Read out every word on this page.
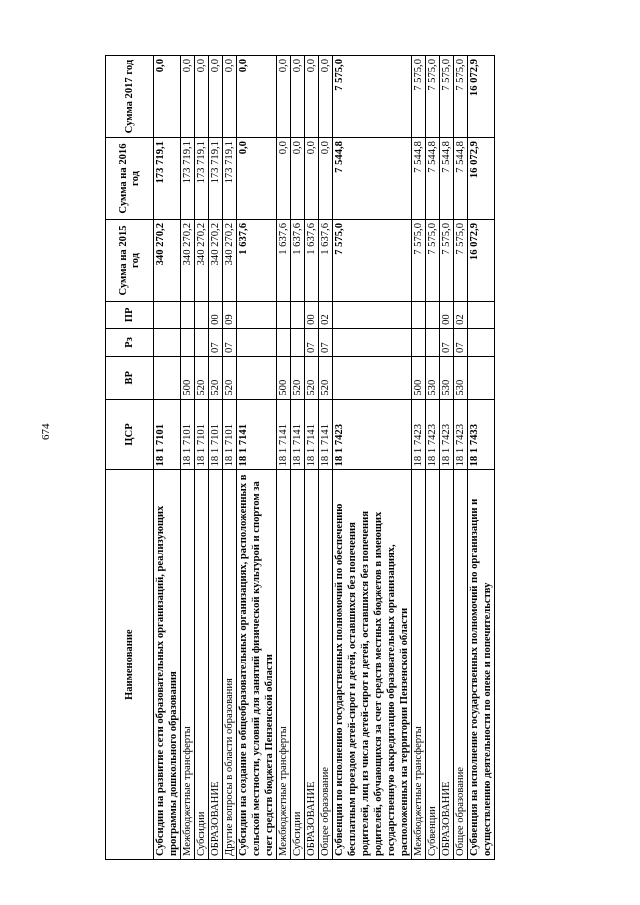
674
Наименование	ЦСР	ВР	Рз	ПР	Сумма на 2015 год	Сумма на 2016 год	Сумма 2017 год
Субсидии на развитие сети образовательных организаций, реализующих программы дошкольного образования	18 1 7101				340 270,2	173 719,1	0,0
Межбюджетные трансферты	18 1 7101	500			340 270,2	173 719,1	0,0
Субсидии	18 1 7101	520			340 270,2	173 719,1	0,0
ОБРАЗОВАНИЕ	18 1 7101	520	07	00	340 270,2	173 719,1	0,0
Другие вопросы в области образования	18 1 7101	520	07	09	340 270,2	173 719,1	0,0
Субсидии на создание в общеобразовательных организациях, расположенных в сельской местности, условий для занятий физической культурой и спортом за счет средств бюджета Пензенской области	18 1 7141				1 637,6	0,0	0,0
Межбюджетные трансферты	18 1 7141	500			1 637,6	0,0	0,0
Субсидии	18 1 7141	520			1 637,6	0,0	0,0
ОБРАЗОВАНИЕ	18 1 7141	520	07	00	1 637,6	0,0	0,0
Общее образование	18 1 7141	520	07	02	1 637,6	0,0	0,0
Субвенции по исполнению государственных полномочий по обеспечению бесплатным проездом детей-сирот и детей, оставшихся без попечения родителей, лиц из числа детей-сирот и детей, оставшихся без попечения родителей, обучающихся за счет средств местных бюджетов в имеющих государственную аккредитацию образовательных организациях, расположенных на территории Пензенской области	18 1 7423				7 575,0	7 544,8	7 575,0
Межбюджетные трансферты	18 1 7423	500			7 575,0	7 544,8	7 575,0
Субвенции	18 1 7423	530			7 575,0	7 544,8	7 575,0
ОБРАЗОВАНИЕ	18 1 7423	530	07	00	7 575,0	7 544,8	7 575,0
Общее образование	18 1 7423	530	07	02	7 575,0	7 544,8	7 575,0
Субвенция на исполнение государственных полномочий по организации и осуществлению деятельности по опеке и попечительству	18 1 7433				16 072,9	16 072,9	16 072,9
